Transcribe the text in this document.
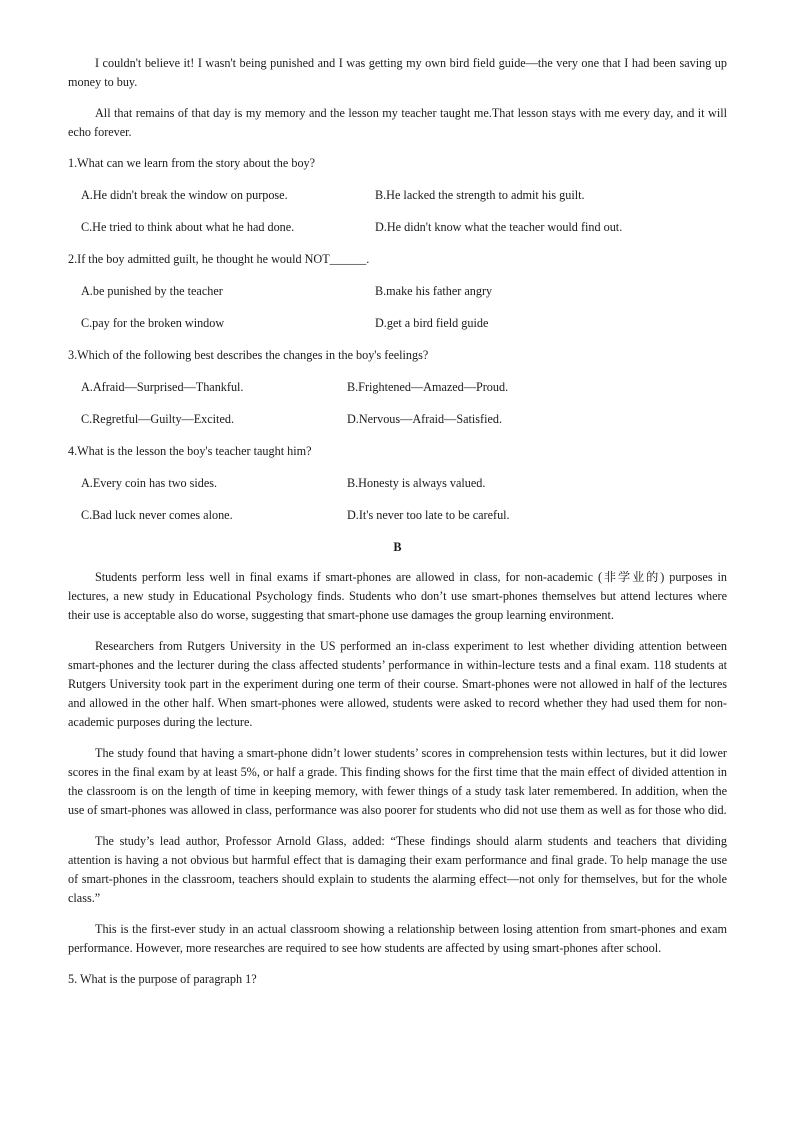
I couldn't believe it! I wasn't being punished and I was getting my own bird field guide—the very one that I had been saving up money to buy.

All that remains of that day is my memory and the lesson my teacher taught me.That lesson stays with me every day, and it will echo forever.

1.What can we learn from the story about the boy?

A.He didn't break the window on purpose.	B.He lacked the strength to admit his guilt.
C.He tried to think about what he had done.	D.He didn't know what the teacher would find out.

2.If the boy admitted guilt, he thought he would NOT______.

A.be punished by the teacher	B.make his father angry
C.pay for the broken window	D.get a bird field guide

3.Which of the following best describes the changes in the boy's feelings?

A.Afraid—Surprised—Thankful.	B.Frightened—Amazed—Proud.
C.Regretful—Guilty—Excited.	D.Nervous—Afraid—Satisfied.

4.What is the lesson the boy's teacher taught him?

A.Every coin has two sides.	B.Honesty is always valued.
C.Bad luck never comes alone.	D.It's never too late to be careful.
B

Students perform less well in final exams if smart-phones are allowed in class, for non-academic (非学业的) purposes in lectures, a new study in Educational Psychology finds. Students who don’t use smart-phones themselves but attend lectures where their use is acceptable also do worse, suggesting that smart-phone use damages the group learning environment.

Researchers from Rutgers University in the US performed an in-class experiment to lest whether dividing attention between smart-phones and the lecturer during the class affected students’ performance in within-lecture tests and a final exam. 118 students at Rutgers University took part in the experiment during one term of their course. Smart-phones were not allowed in half of the lectures and allowed in the other half. When smart-phones were allowed, students were asked to record whether they had used them for non-academic purposes during the lecture.

The study found that having a smart-phone didn’t lower students’ scores in comprehension tests within lectures, but it did lower scores in the final exam by at least 5%, or half a grade. This finding shows for the first time that the main effect of divided attention in the classroom is on the length of time in keeping memory, with fewer things of a study task later remembered. In addition, when the use of smart-phones was allowed in class, performance was also poorer for students who did not use them as well as for those who did.

The study’s lead author, Professor Arnold Glass, added: “These findings should alarm students and teachers that dividing attention is having a not obvious but harmful effect that is damaging their exam performance and final grade. To help manage the use of smart-phones in the classroom, teachers should explain to students the alarming effect—not only for themselves, but for the whole class.”

This is the first-ever study in an actual classroom showing a relationship between losing attention from smart-phones and exam performance. However, more researches are required to see how students are affected by using smart-phones after school.

5. What is the purpose of paragraph 1?
